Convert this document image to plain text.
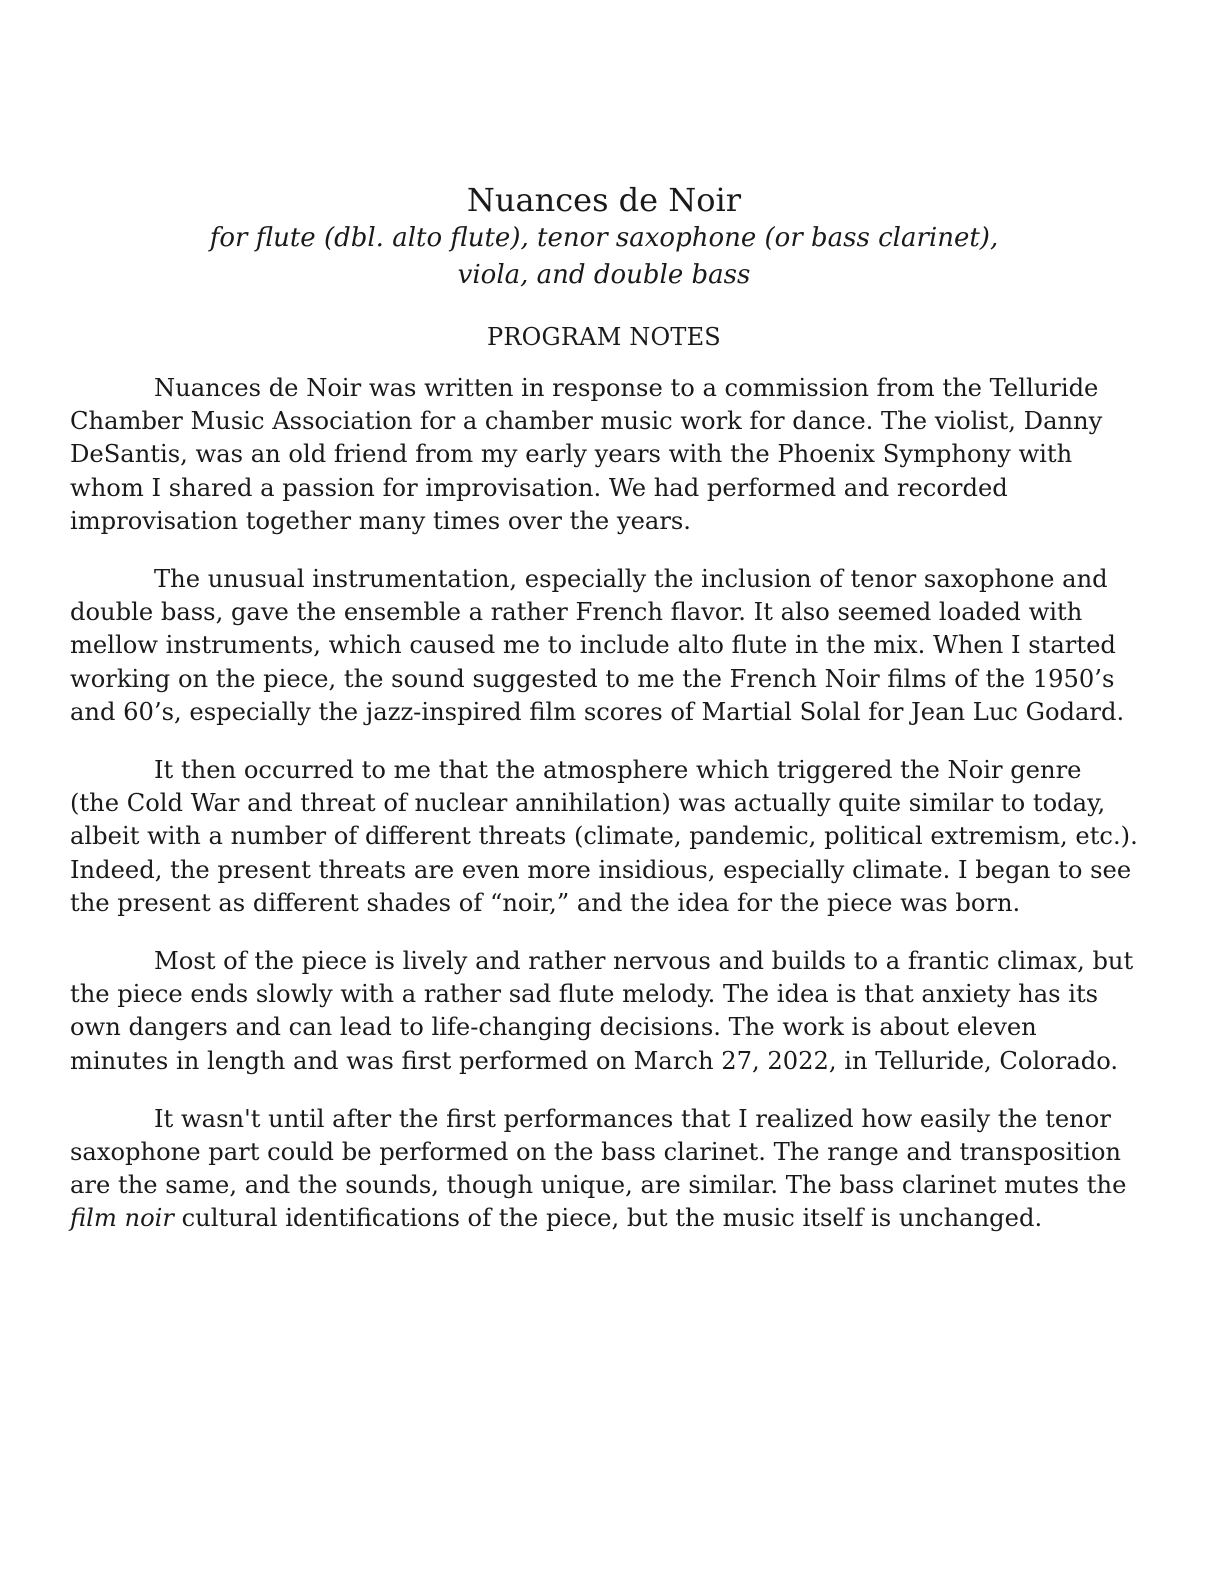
Nuances de Noir
for flute (dbl. alto flute), tenor saxophone (or bass clarinet),
viola, and double bass
PROGRAM NOTES

Nuances de Noir was written in response to a commission from the Telluride Chamber Music Association for a chamber music work for dance. The violist, Danny DeSantis, was an old friend from my early years with the Phoenix Symphony with whom I shared a passion for improvisation. We had performed and recorded improvisation together many times over the years.

The unusual instrumentation, especially the inclusion of tenor saxophone and double bass, gave the ensemble a rather French flavor. It also seemed loaded with mellow instruments, which caused me to include alto flute in the mix. When I started working on the piece, the sound suggested to me the French Noir films of the 1950’s and 60’s, especially the jazz-inspired film scores of Martial Solal for Jean Luc Godard.

It then occurred to me that the atmosphere which triggered the Noir genre (the Cold War and threat of nuclear annihilation) was actually quite similar to today, albeit with a number of different threats (climate, pandemic, political extremism, etc.). Indeed, the present threats are even more insidious, especially climate. I began to see the present as different shades of “noir,” and the idea for the piece was born.

Most of the piece is lively and rather nervous and builds to a frantic climax, but the piece ends slowly with a rather sad flute melody. The idea is that anxiety has its own dangers and can lead to life-changing decisions. The work is about eleven minutes in length and was first performed on March 27, 2022, in Telluride, Colorado.

It wasn't until after the first performances that I realized how easily the tenor saxophone part could be performed on the bass clarinet. The range and transposition are the same, and the sounds, though unique, are similar. The bass clarinet mutes the film noir cultural identifications of the piece, but the music itself is unchanged.
